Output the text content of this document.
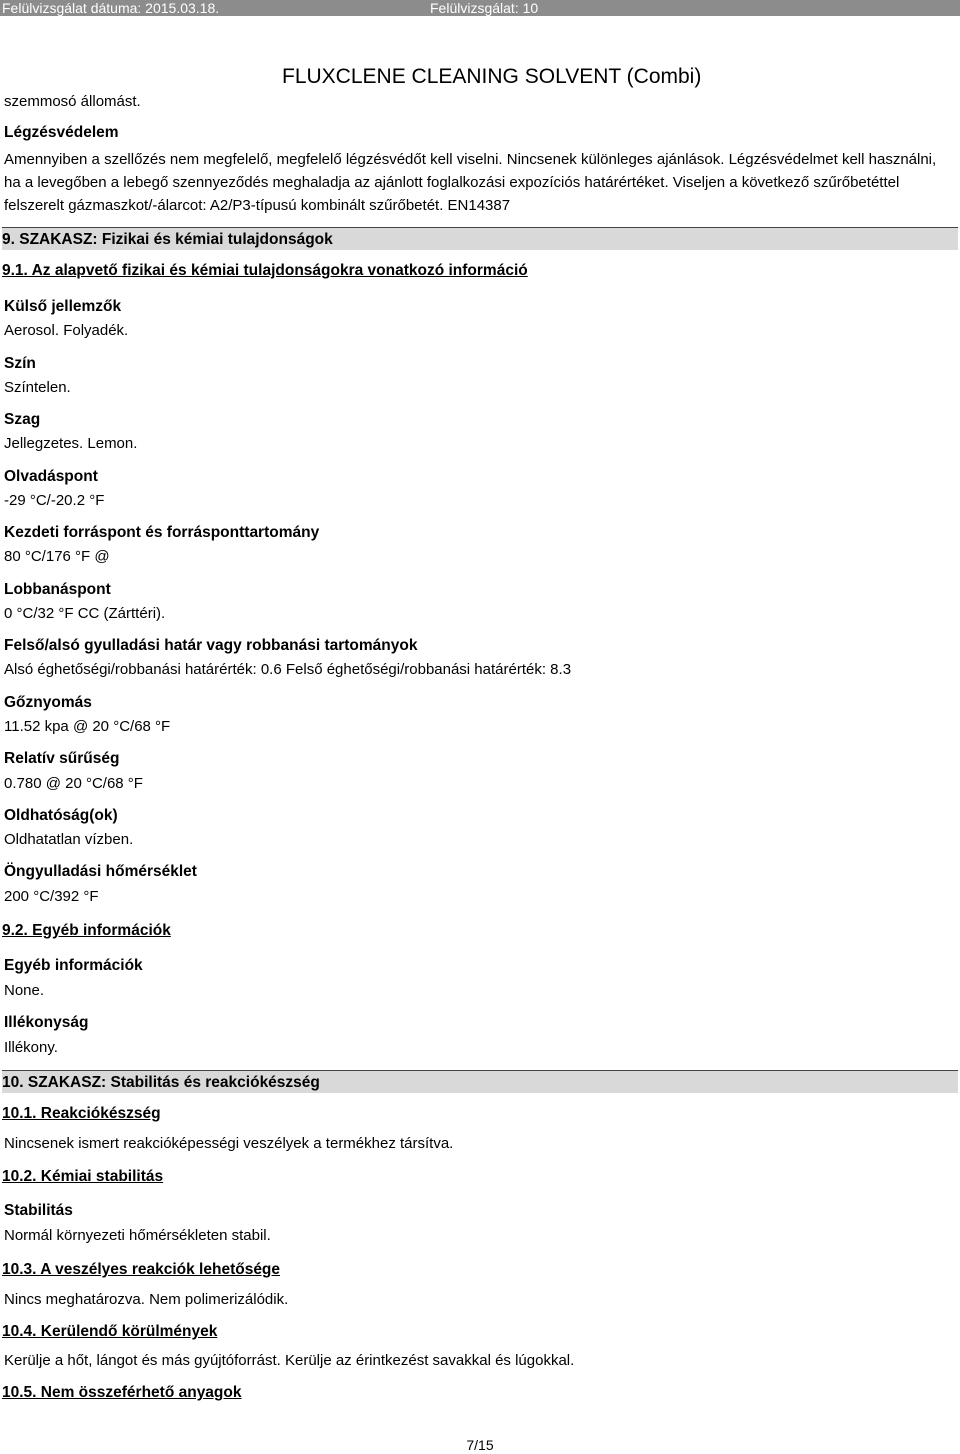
Felülvizsgálat dátuma: 2015.03.18.	Felülvizsgálat: 10
FLUXCLENE CLEANING SOLVENT (Combi)
szemmosó állomást.
Légzésvédelem
Amennyiben a szellőzés nem megfelelő, megfelelő légzésvédőt kell viselni. Nincsenek különleges ajánlások. Légzésvédelmet kell használni, ha a levegőben a lebegő szennyeződés meghaladja az ajánlott foglalkozási expozíciós határértéket. Viseljen a következő szűrőbetéttel felszerelt gázmaszkot/-álarcot: A2/P3-típusú kombinált szűrőbetét. EN14387
9. SZAKASZ: Fizikai és kémiai tulajdonságok
9.1. Az alapvető fizikai és kémiai tulajdonságokra vonatkozó információ
Külső jellemzők
Aerosol. Folyadék.
Szín
Színtelen.
Szag
Jellegzetes. Lemon.
Olvadáspont
-29 °C/-20.2 °F
Kezdeti forráspont és forrásponttartomány
80 °C/176 °F @
Lobbanáspont
0 °C/32 °F CC (Zárttéri).
Felső/alsó gyulladási határ vagy robbanási tartományok
Alsó éghetőségi/robbanási határérték: 0.6 Felső éghetőségi/robbanási határérték: 8.3
Gőznyomás
11.52 kpa @ 20 °C/68 °F
Relatív sűrűség
0.780 @ 20 °C/68 °F
Oldhatóság(ok)
Oldhatatlan vízben.
Öngyulladási hőmérséklet
200 °C/392 °F
9.2. Egyéb információk
Egyéb információk
None.
Illékonyság
Illékony.
10. SZAKASZ: Stabilitás és reakciókészség
10.1. Reakciókészség
Nincsenek ismert reakcióképességi veszélyek a termékhez társítva.
10.2. Kémiai stabilitás
Stabilitás
Normál környezeti hőmérsékleten stabil.
10.3. A veszélyes reakciók lehetősége
Nincs meghatározva. Nem polimerizálódik.
10.4. Kerülendő körülmények
Kerülje a hőt, lángot és más gyújtóforrást. Kerülje az érintkezést savakkal és lúgokkal.
10.5. Nem összeférhető anyagok
7/15
